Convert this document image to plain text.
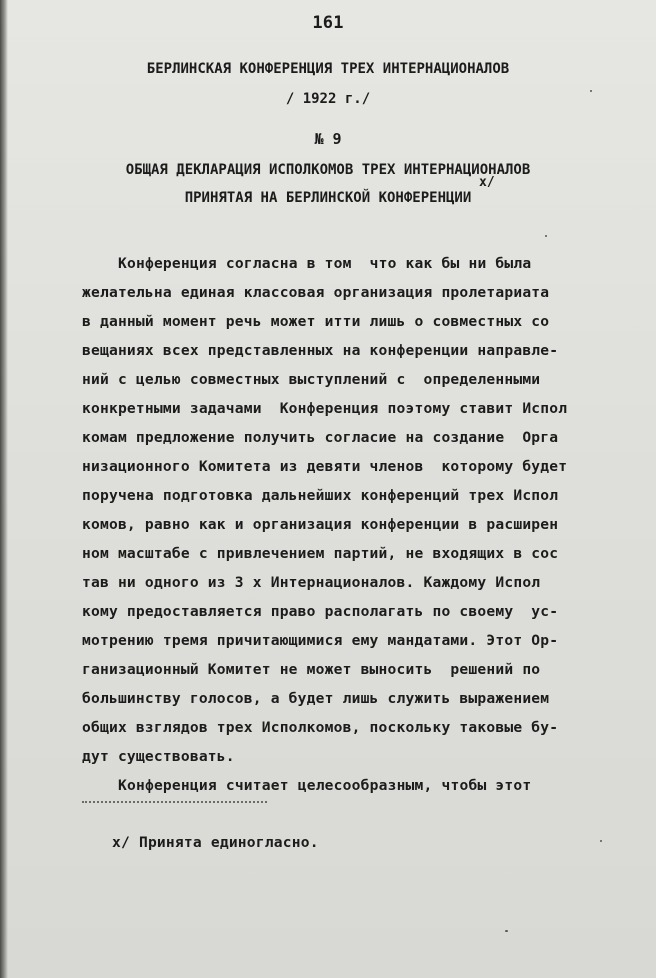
161
БЕРЛИНСКАЯ КОНФЕРЕНЦИЯ ТРЕХ ИНТЕРНАЦИОНАЛОВ
/ 1922 г./
№ 9
ОБЩАЯ ДЕКЛАРАЦИЯ ИСПОЛКОМОВ ТРЕХ ИНТЕРНАЦИОНАЛОВ
ПРИНЯТАЯ НА БЕРЛИНСКОЙ КОНФЕРЕНЦИИ
x/
Конференция согласна в том  что как бы ни была
желательна единая классовая организация пролетариата
в данный момент речь может итти лишь о совместных со
вещаниях всех представленных на конференции направле-
ний с целью совместных выступлений с  определенными
конкретными задачами  Конференция поэтому ставит Испол
комам предложение получить согласие на создание  Орга
низационного Комитета из девяти членов  которому будет
поручена подготовка дальнейших конференций трех Испол
комов, равно как и организация конференции в расширен
ном масштабе с привлечением партий, не входящих в сос
тав ни одного из 3 х Интернационалов. Каждому Испол
кому предоставляется право располагать по своему  ус-
мотрению тремя причитающимися ему мандатами. Этот Ор-
ганизационный Комитет не может выносить  решений по
большинству голосов, а будет лишь служить выражением
общих взглядов трех Исполкомов, поскольку таковые бу-
дут существовать.
Конференция считает целесообразным, чтобы этот
x/ Принята единогласно.
